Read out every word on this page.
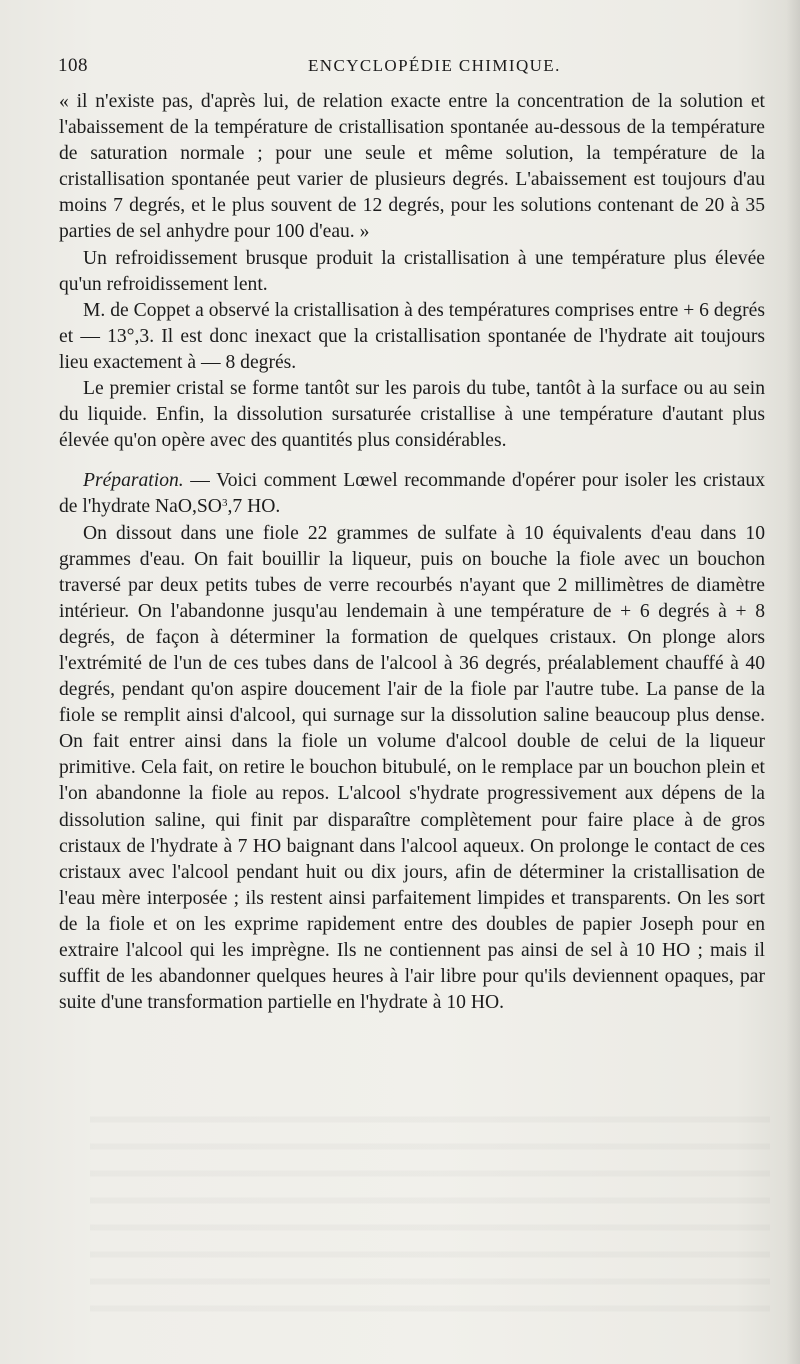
108	ENCYCLOPÉDIE CHIMIQUE.

« il n'existe pas, d'après lui, de relation exacte entre la concentration de la solution et l'abaissement de la température de cristallisation spontanée au-dessous de la température de saturation normale ; pour une seule et même solution, la température de la cristallisation spontanée peut varier de plusieurs degrés. L'abaissement est toujours d'au moins 7 degrés, et le plus souvent de 12 degrés, pour les solutions contenant de 20 à 35 parties de sel anhydre pour 100 d'eau. »

Un refroidissement brusque produit la cristallisation à une température plus élevée qu'un refroidissement lent.

M. de Coppet a observé la cristallisation à des températures comprises entre + 6 degrés et — 13°,3. Il est donc inexact que la cristallisation spontanée de l'hydrate ait toujours lieu exactement à — 8 degrés.

Le premier cristal se forme tantôt sur les parois du tube, tantôt à la surface ou au sein du liquide. Enfin, la dissolution sursaturée cristallise à une température d'autant plus élevée qu'on opère avec des quantités plus considérables.

Préparation. — Voici comment Lœwel recommande d'opérer pour isoler les cristaux de l'hydrate $NaO,SO^3,7$ HO.

On dissout dans une fiole 22 grammes de sulfate à 10 équivalents d'eau dans 10 grammes d'eau. On fait bouillir la liqueur, puis on bouche la fiole avec un bouchon traversé par deux petits tubes de verre recourbés n'ayant que 2 millimètres de diamètre intérieur. On l'abandonne jusqu'au lendemain à une température de + 6 degrés à + 8 degrés, de façon à déterminer la formation de quelques cristaux. On plonge alors l'extrémité de l'un de ces tubes dans de l'alcool à 36 degrés, préalablement chauffé à 40 degrés, pendant qu'on aspire doucement l'air de la fiole par l'autre tube. La panse de la fiole se remplit ainsi d'alcool, qui surnage sur la dissolution saline beaucoup plus dense. On fait entrer ainsi dans la fiole un volume d'alcool double de celui de la liqueur primitive. Cela fait, on retire le bouchon bitubulé, on le remplace par un bouchon plein et l'on abandonne la fiole au repos. L'alcool s'hydrate progressivement aux dépens de la dissolution saline, qui finit par disparaître complètement pour faire place à de gros cristaux de l'hydrate à 7 HO baignant dans l'alcool aqueux. On prolonge le contact de ces cristaux avec l'alcool pendant huit ou dix jours, afin de déterminer la cristallisation de l'eau mère interposée ; ils restent ainsi parfaitement limpides et transparents. On les sort de la fiole et on les exprime rapidement entre des doubles de papier Joseph pour en extraire l'alcool qui les imprègne. Ils ne contiennent pas ainsi de sel à 10 HO ; mais il suffit de les abandonner quelques heures à l'air libre pour qu'ils deviennent opaques, par suite d'une transformation partielle en l'hydrate à 10 HO.
